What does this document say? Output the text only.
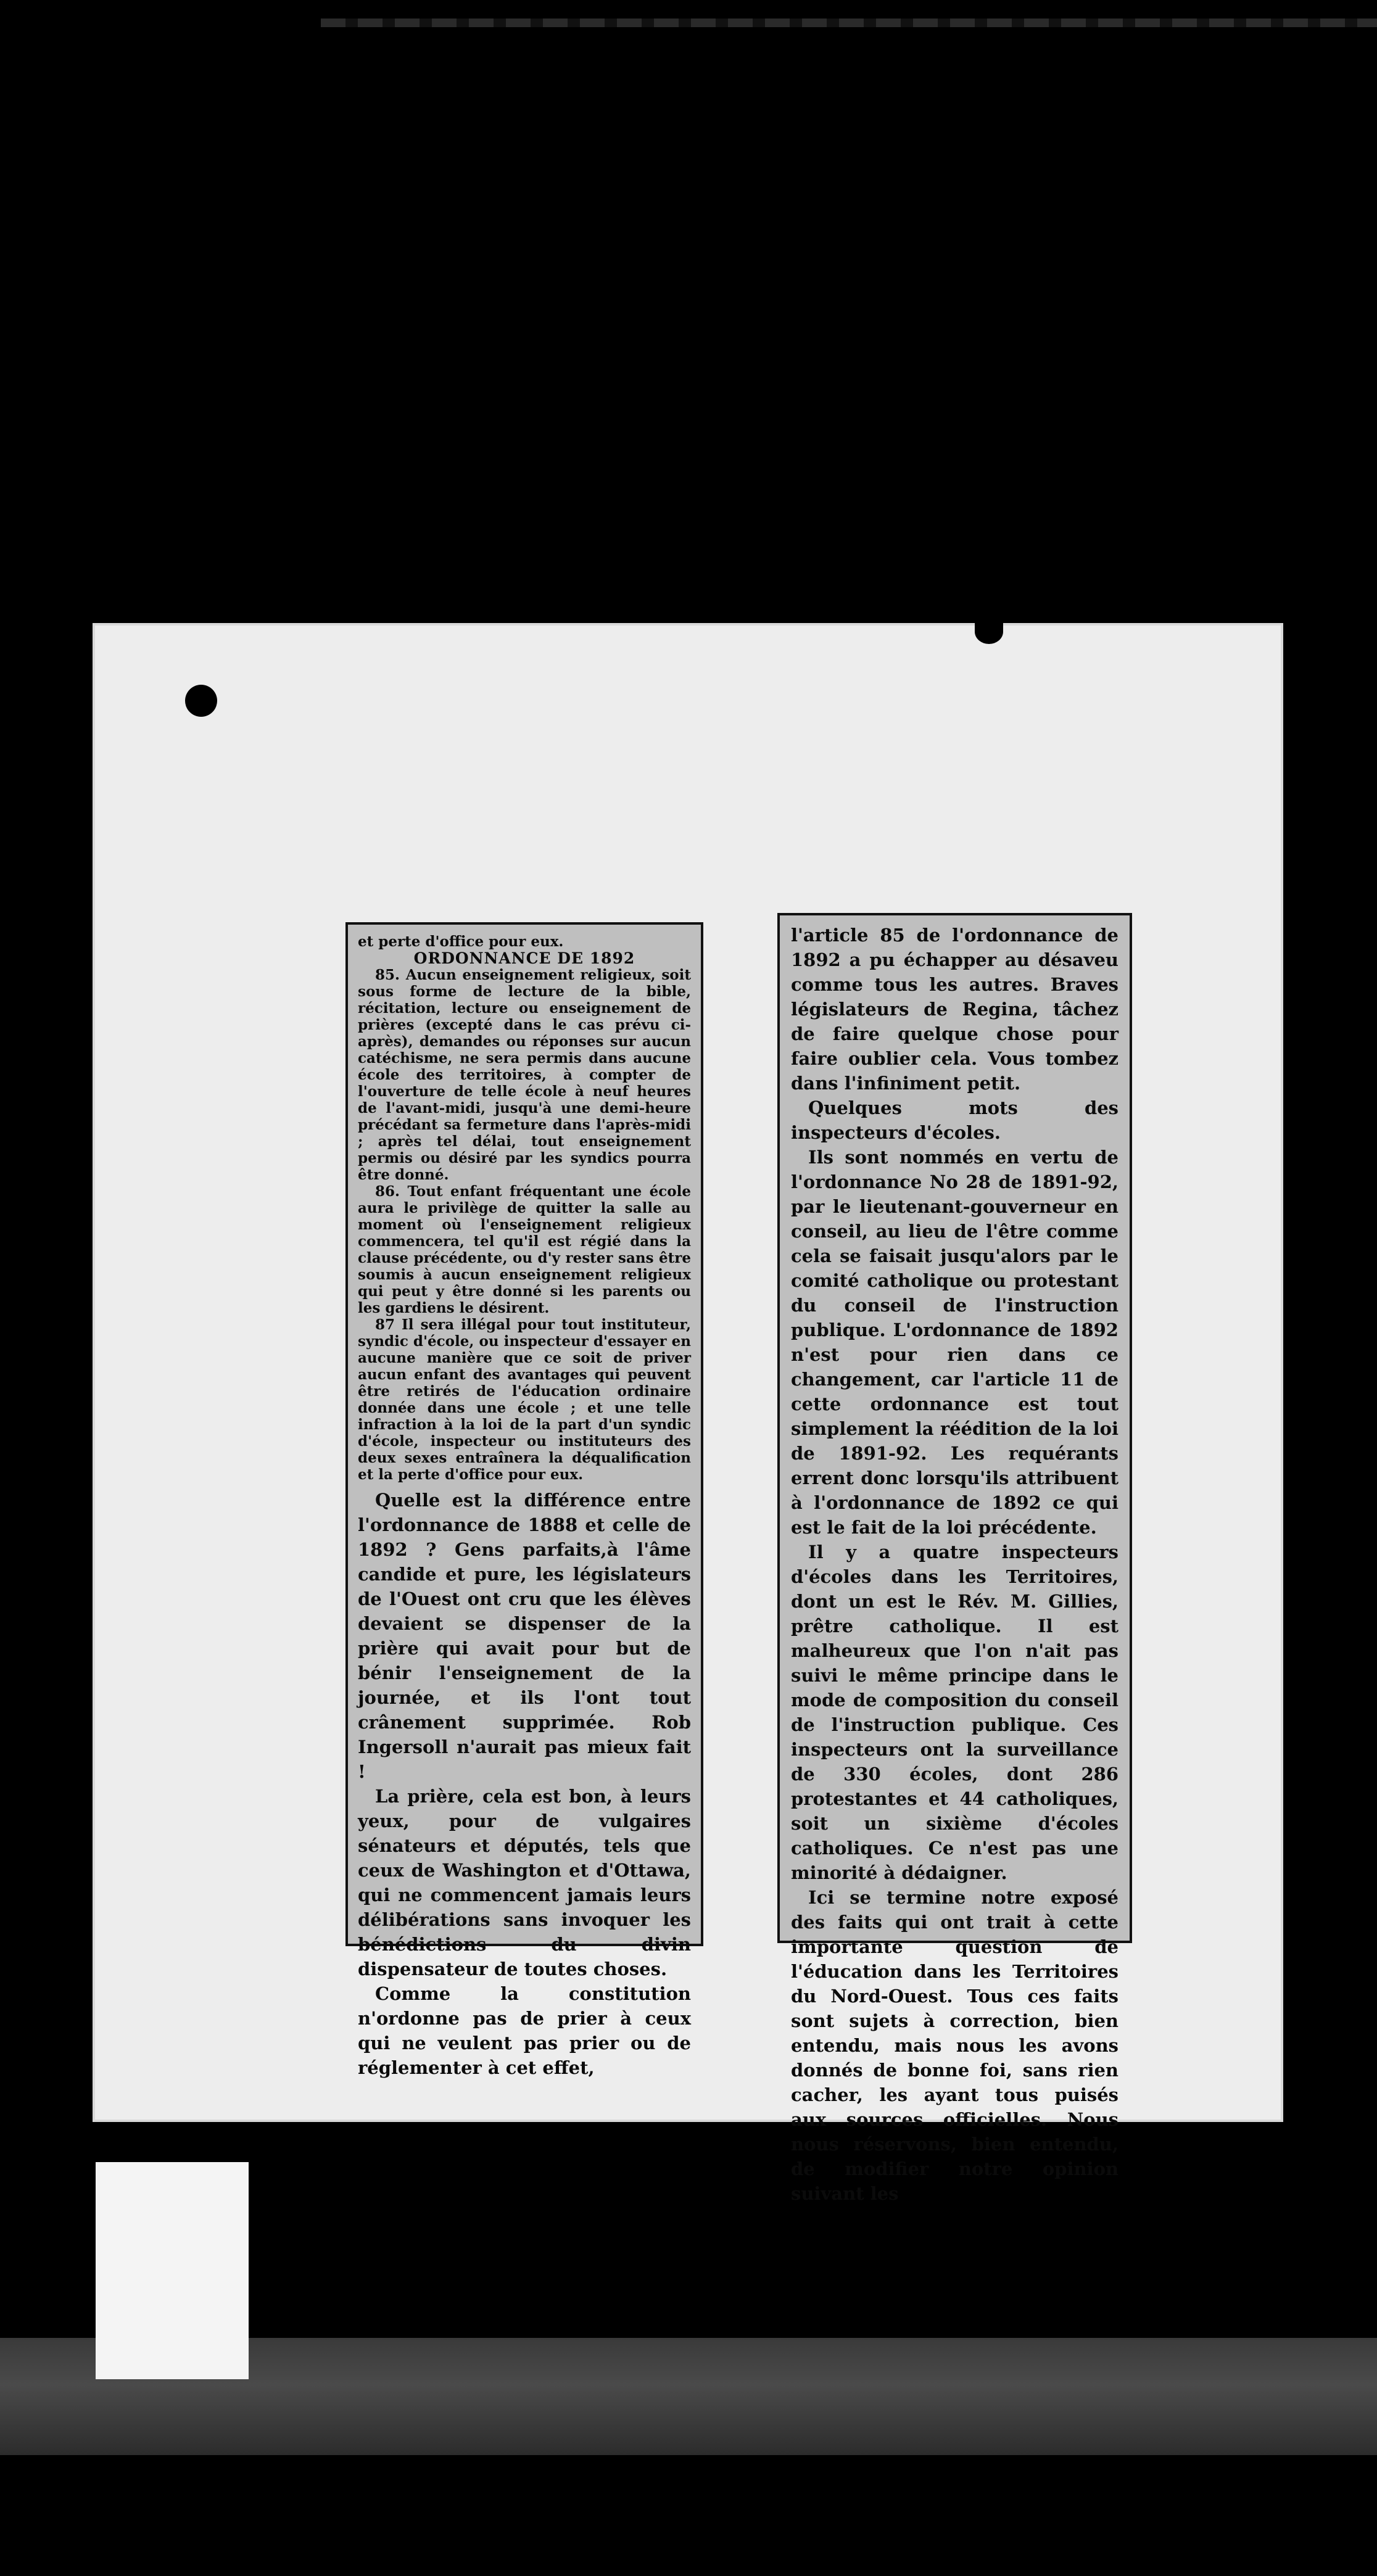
et perte d'office pour eux.

ORDONNANCE DE 1892

85. Aucun enseignement religieux, soit sous forme de lecture de la bible, récitation, lecture ou enseignement de prières (excepté dans le cas prévu ci-après), demandes ou réponses sur aucun catéchisme, ne sera permis dans aucune école des territoires, à compter de l'ouverture de telle école à neuf heures de l'avant-midi, jusqu'à une demi-heure précédant sa fermeture dans l'après-midi ; après tel délai, tout enseignement permis ou désiré par les syndics pourra être donné.

86. Tout enfant fréquentant une école aura le privilège de quitter la salle au moment où l'enseignement religieux commencera, tel qu'il est régié dans la clause précédente, ou d'y rester sans être soumis à aucun enseignement religieux qui peut y être donné si les parents ou les gardiens le désirent.

87 Il sera illégal pour tout instituteur, syndic d'école, ou inspecteur d'essayer en aucune manière que ce soit de priver aucun enfant des avantages qui peuvent être retirés de l'éducation ordinaire donnée dans une école ; et une telle infraction à la loi de la part d'un syndic d'école, inspecteur ou instituteurs des deux sexes entraînera la déqualification et la perte d'office pour eux.

Quelle est la différence entre l'ordonnance de 1888 et celle de 1892 ? Gens parfaits,à l'âme candide et pure, les législateurs de l'Ouest ont cru que les élèves devaient se dispenser de la prière qui avait pour but de bénir l'enseignement de la journée, et ils l'ont tout crânement supprimée. Rob Ingersoll n'aurait pas mieux fait !

La prière, cela est bon, à leurs yeux, pour de vulgaires sénateurs et députés, tels que ceux de Washington et d'Ottawa, qui ne commencent jamais leurs délibérations sans invoquer les bénédictions du divin dispensateur de toutes choses.

Comme la constitution n'ordonne pas de prier à ceux qui ne veulent pas prier ou de réglementer à cet effet,

l'article 85 de l'ordonnance de 1892 a pu échapper au désaveu comme tous les autres. Braves législateurs de Regina, tâchez de faire quelque chose pour faire oublier cela. Vous tombez dans l'infiniment petit.

Quelques mots des inspecteurs d'écoles.

Ils sont nommés en vertu de l'ordonnance No 28 de 1891-92, par le lieutenant-gouverneur en conseil, au lieu de l'être comme cela se faisait jusqu'alors par le comité catholique ou protestant du conseil de l'instruction publique. L'ordonnance de 1892 n'est pour rien dans ce changement, car l'article 11 de cette ordonnance est tout simplement la réédition de la loi de 1891-92. Les requérants errent donc lorsqu'ils attribuent à l'ordonnance de 1892 ce qui est le fait de la loi précédente.

Il y a quatre inspecteurs d'écoles dans les Territoires, dont un est le Rév. M. Gillies, prêtre catholique. Il est malheureux que l'on n'ait pas suivi le même principe dans le mode de composition du conseil de l'instruction publique. Ces inspecteurs ont la surveillance de 330 écoles, dont 286 protestantes et 44 catholiques, soit un sixième d'écoles catholiques. Ce n'est pas une minorité à dédaigner.

Ici se termine notre exposé des faits qui ont trait à cette importante question de l'éducation dans les Territoires du Nord-Ouest. Tous ces faits sont sujets à correction, bien entendu, mais nous les avons donnés de bonne foi, sans rien cacher, les ayant tous puisés aux sources officielles. Nous nous réservons, bien entendu, de modifier notre opinion suivant les
